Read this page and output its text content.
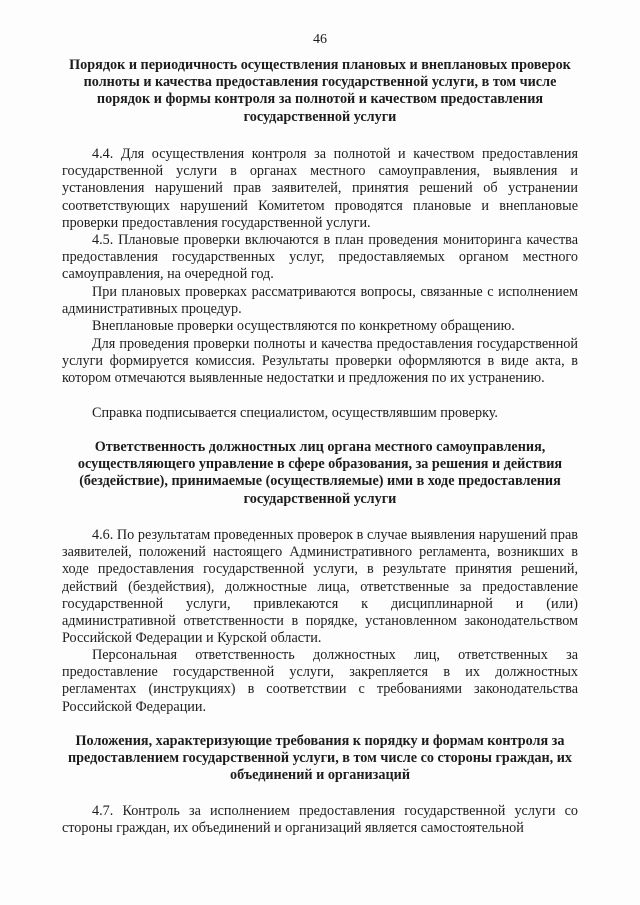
46
Порядок и периодичность осуществления плановых и внеплановых проверок полноты и качества предоставления государственной услуги, в том числе порядок и формы контроля за полнотой и качеством предоставления государственной услуги

4.4. Для осуществления контроля за полнотой и качеством предоставления государственной услуги в органах местного самоуправления, выявления и установления нарушений прав заявителей, принятия решений об устранении соответствующих нарушений Комитетом проводятся плановые и внеплановые проверки предоставления государственной услуги.

4.5. Плановые проверки включаются в план проведения мониторинга качества предоставления государственных услуг, предоставляемых органом местного самоуправления, на очередной год.

При плановых проверках рассматриваются вопросы, связанные с исполнением административных процедур.

Внеплановые проверки осуществляются по конкретному обращению.

Для проведения проверки полноты и качества предоставления государственной услуги формируется комиссия. Результаты проверки оформляются в виде акта, в котором отмечаются выявленные недостатки и предложения по их устранению.

Справка подписывается специалистом, осуществлявшим проверку.

Ответственность должностных лиц органа местного самоуправления, осуществляющего управление в сфере образования, за решения и действия (бездействие), принимаемые (осуществляемые) ими в ходе предоставления государственной услуги

4.6. По результатам проведенных проверок в случае выявления нарушений прав заявителей, положений настоящего Административного регламента, возникших в ходе предоставления государственной услуги, в результате принятия решений, действий (бездействия), должностные лица, ответственные за предоставление государственной услуги, привлекаются к дисциплинарной и (или) административной ответственности в порядке, установленном законодательством Российской Федерации и Курской области.

Персональная ответственность должностных лиц, ответственных за предоставление государственной услуги, закрепляется в их должностных регламентах (инструкциях) в соответствии с требованиями законодательства Российской Федерации.

Положения, характеризующие требования к порядку и формам контроля за предоставлением государственной услуги, в том числе со стороны граждан, их объединений и организаций

4.7. Контроль за исполнением предоставления государственной услуги со стороны граждан, их объединений и организаций является самостоятельной
